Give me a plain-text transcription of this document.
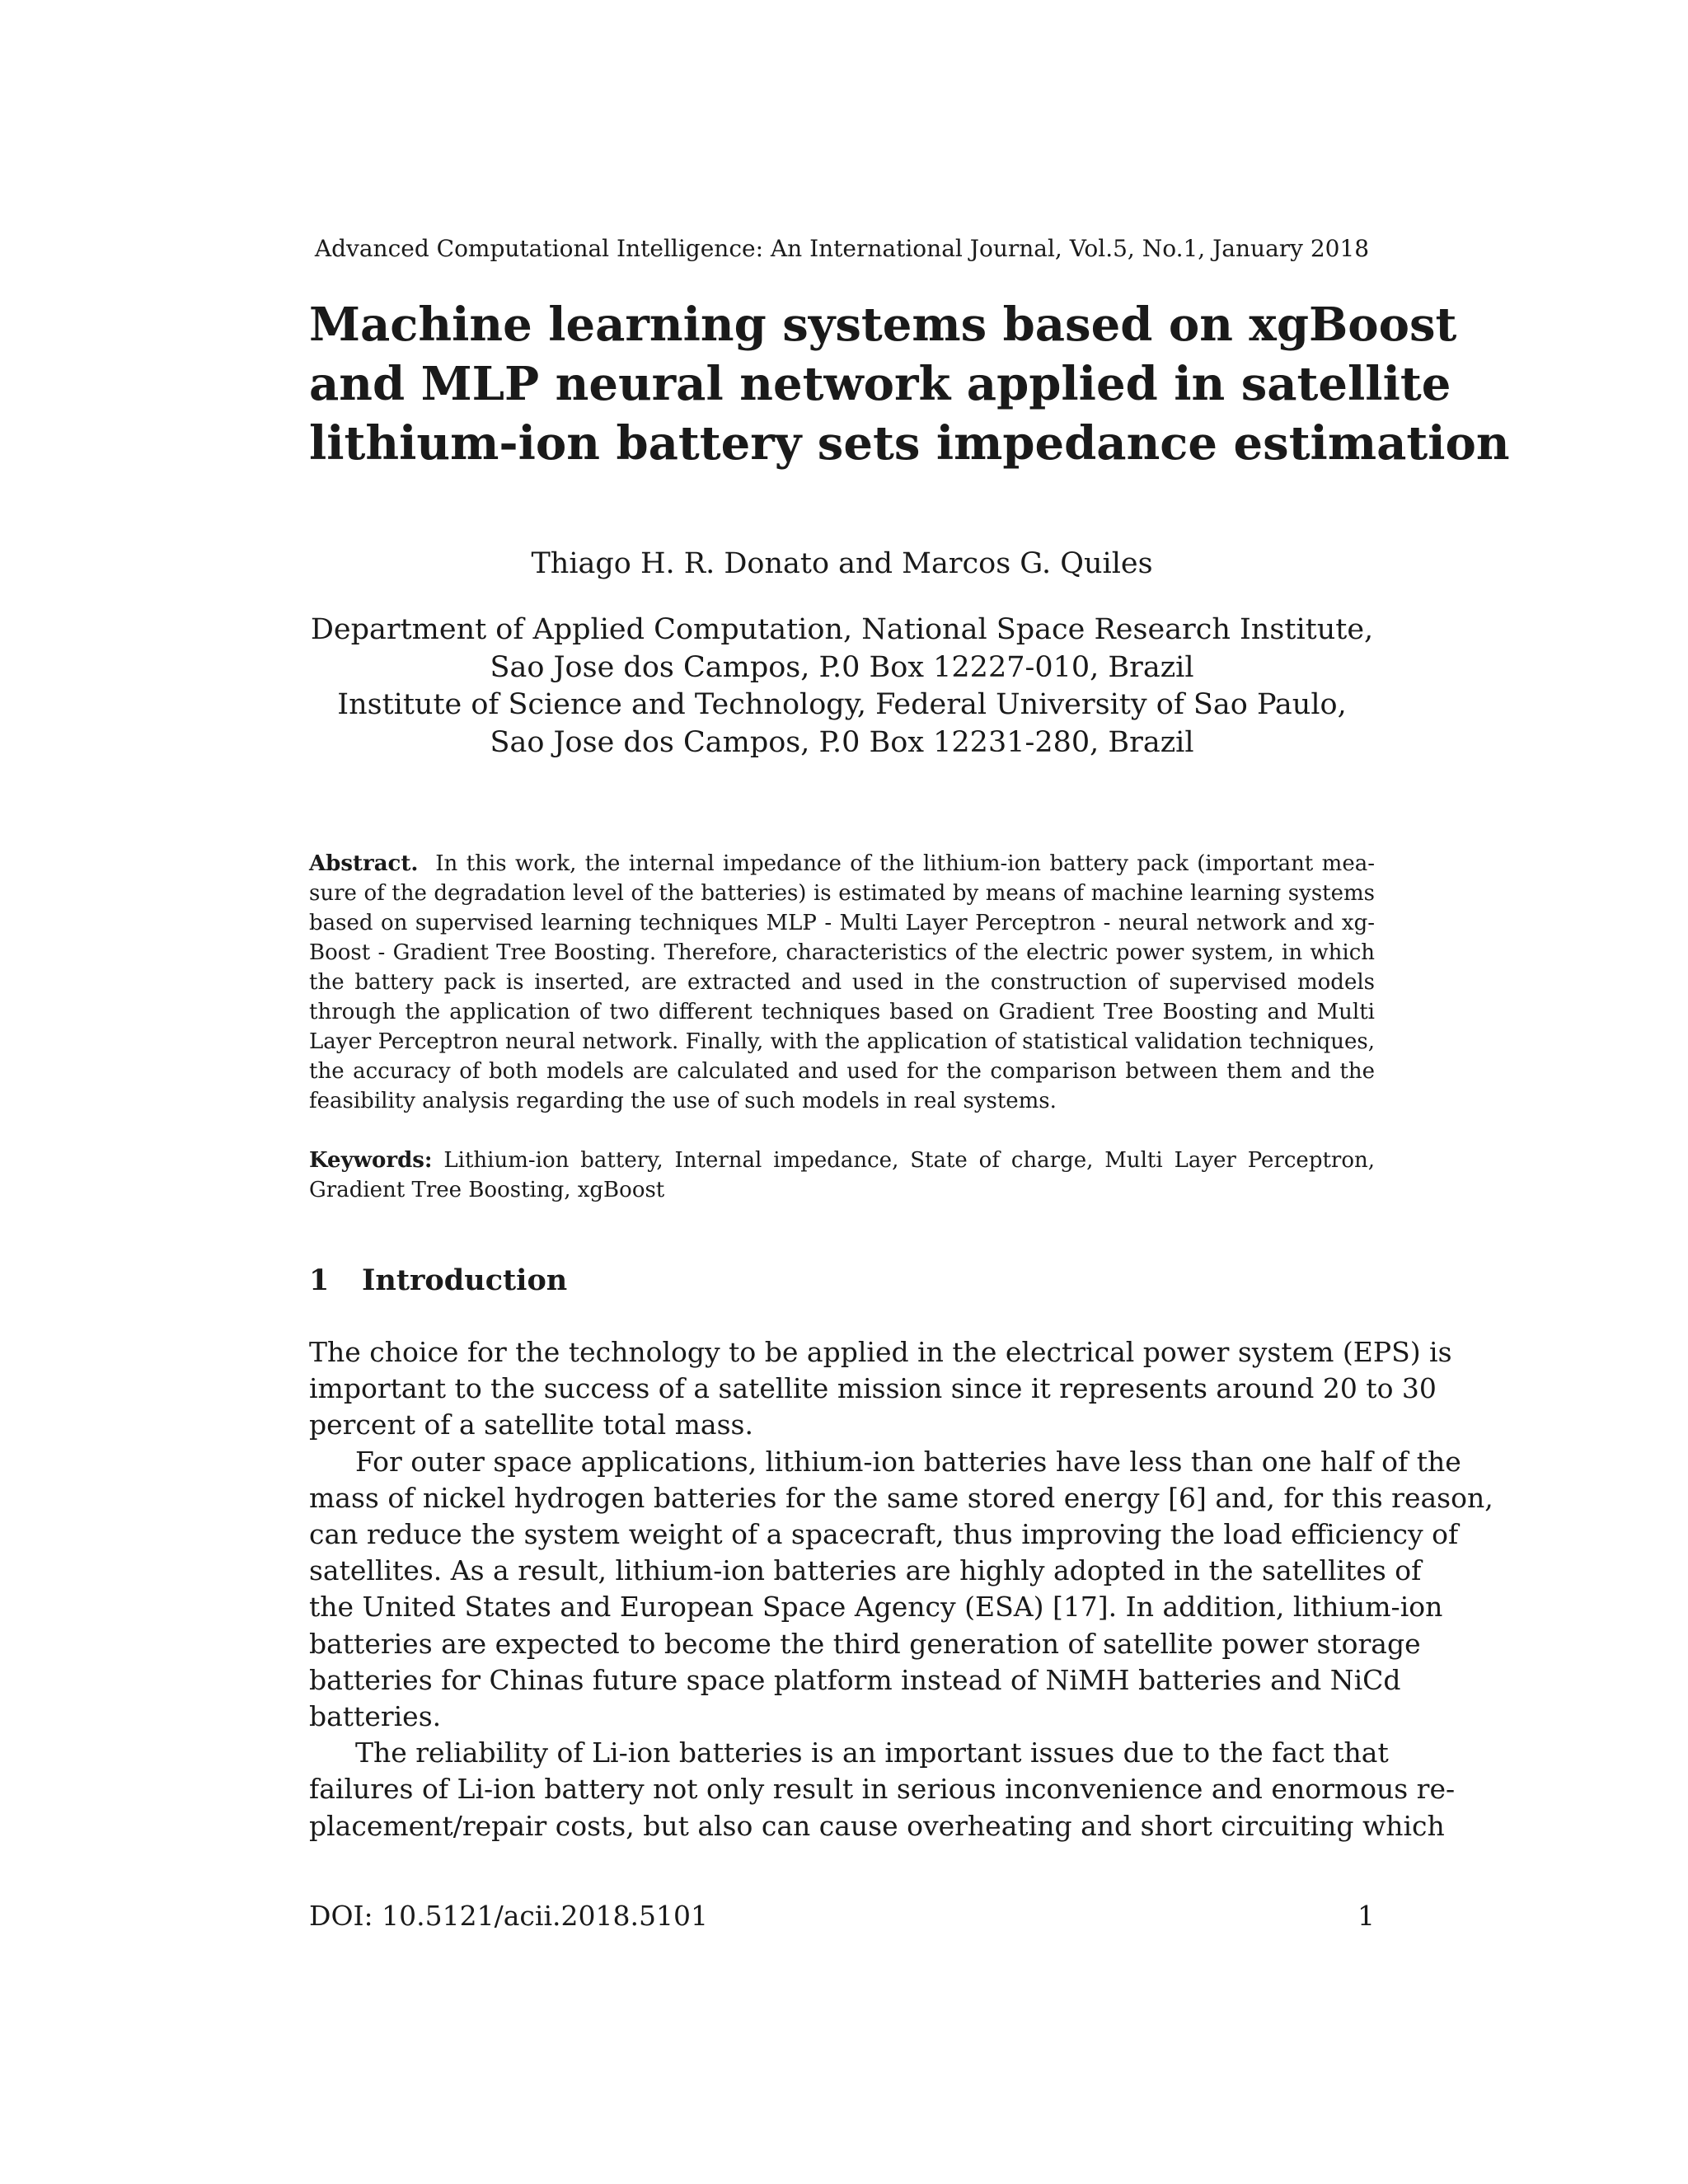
Advanced Computational Intelligence: An International Journal, Vol.5, No.1, January 2018
Machine learning systems based on xgBoost
and MLP neural network applied in satellite
lithium-ion battery sets impedance estimation
Thiago H. R. Donato and Marcos G. Quiles
Department of Applied Computation, National Space Research Institute,
Sao Jose dos Campos, P.0 Box 12227-010, Brazil
Institute of Science and Technology, Federal University of Sao Paulo,
Sao Jose dos Campos, P.0 Box 12231-280, Brazil
Abstract. In this work, the internal impedance of the lithium-ion battery pack (important mea-
sure of the degradation level of the batteries) is estimated by means of machine learning systems
based on supervised learning techniques MLP - Multi Layer Perceptron - neural network and xg-
Boost - Gradient Tree Boosting. Therefore, characteristics of the electric power system, in which
the battery pack is inserted, are extracted and used in the construction of supervised models
through the application of two different techniques based on Gradient Tree Boosting and Multi
Layer Perceptron neural network. Finally, with the application of statistical validation techniques,
the accuracy of both models are calculated and used for the comparison between them and the
feasibility analysis regarding the use of such models in real systems.
Keywords: Lithium-ion battery, Internal impedance, State of charge, Multi Layer Perceptron,
Gradient Tree Boosting, xgBoost
1 Introduction
The choice for the technology to be applied in the electrical power system (EPS) is
important to the success of a satellite mission since it represents around 20 to 30
percent of a satellite total mass.
For outer space applications, lithium-ion batteries have less than one half of the
mass of nickel hydrogen batteries for the same stored energy [6] and, for this reason,
can reduce the system weight of a spacecraft, thus improving the load efficiency of
satellites. As a result, lithium-ion batteries are highly adopted in the satellites of
the United States and European Space Agency (ESA) [17]. In addition, lithium-ion
batteries are expected to become the third generation of satellite power storage
batteries for Chinas future space platform instead of NiMH batteries and NiCd
batteries.
The reliability of Li-ion batteries is an important issues due to the fact that
failures of Li-ion battery not only result in serious inconvenience and enormous re-
placement/repair costs, but also can cause overheating and short circuiting which
DOI: 10.5121/acii.2018.5101	1
